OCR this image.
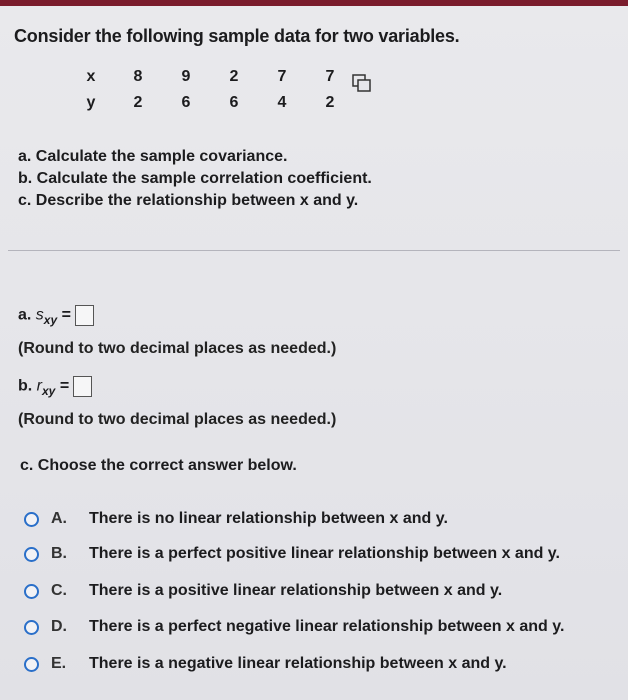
Consider the following sample data for two variables.
x	8	9	2	7	7
y	2	6	6	4	2
a. Calculate the sample covariance.
b. Calculate the sample correlation coefficient.
c. Describe the relationship between x and y.
a. $s_{xy}$ =
(Round to two decimal places as needed.)
b. $r_{xy}$ =
(Round to two decimal places as needed.)
c. Choose the correct answer below.
A.	There is no linear relationship between x and y.
B.	There is a perfect positive linear relationship between x and y.
C.	There is a positive linear relationship between x and y.
D.	There is a perfect negative linear relationship between x and y.
E.	There is a negative linear relationship between x and y.
